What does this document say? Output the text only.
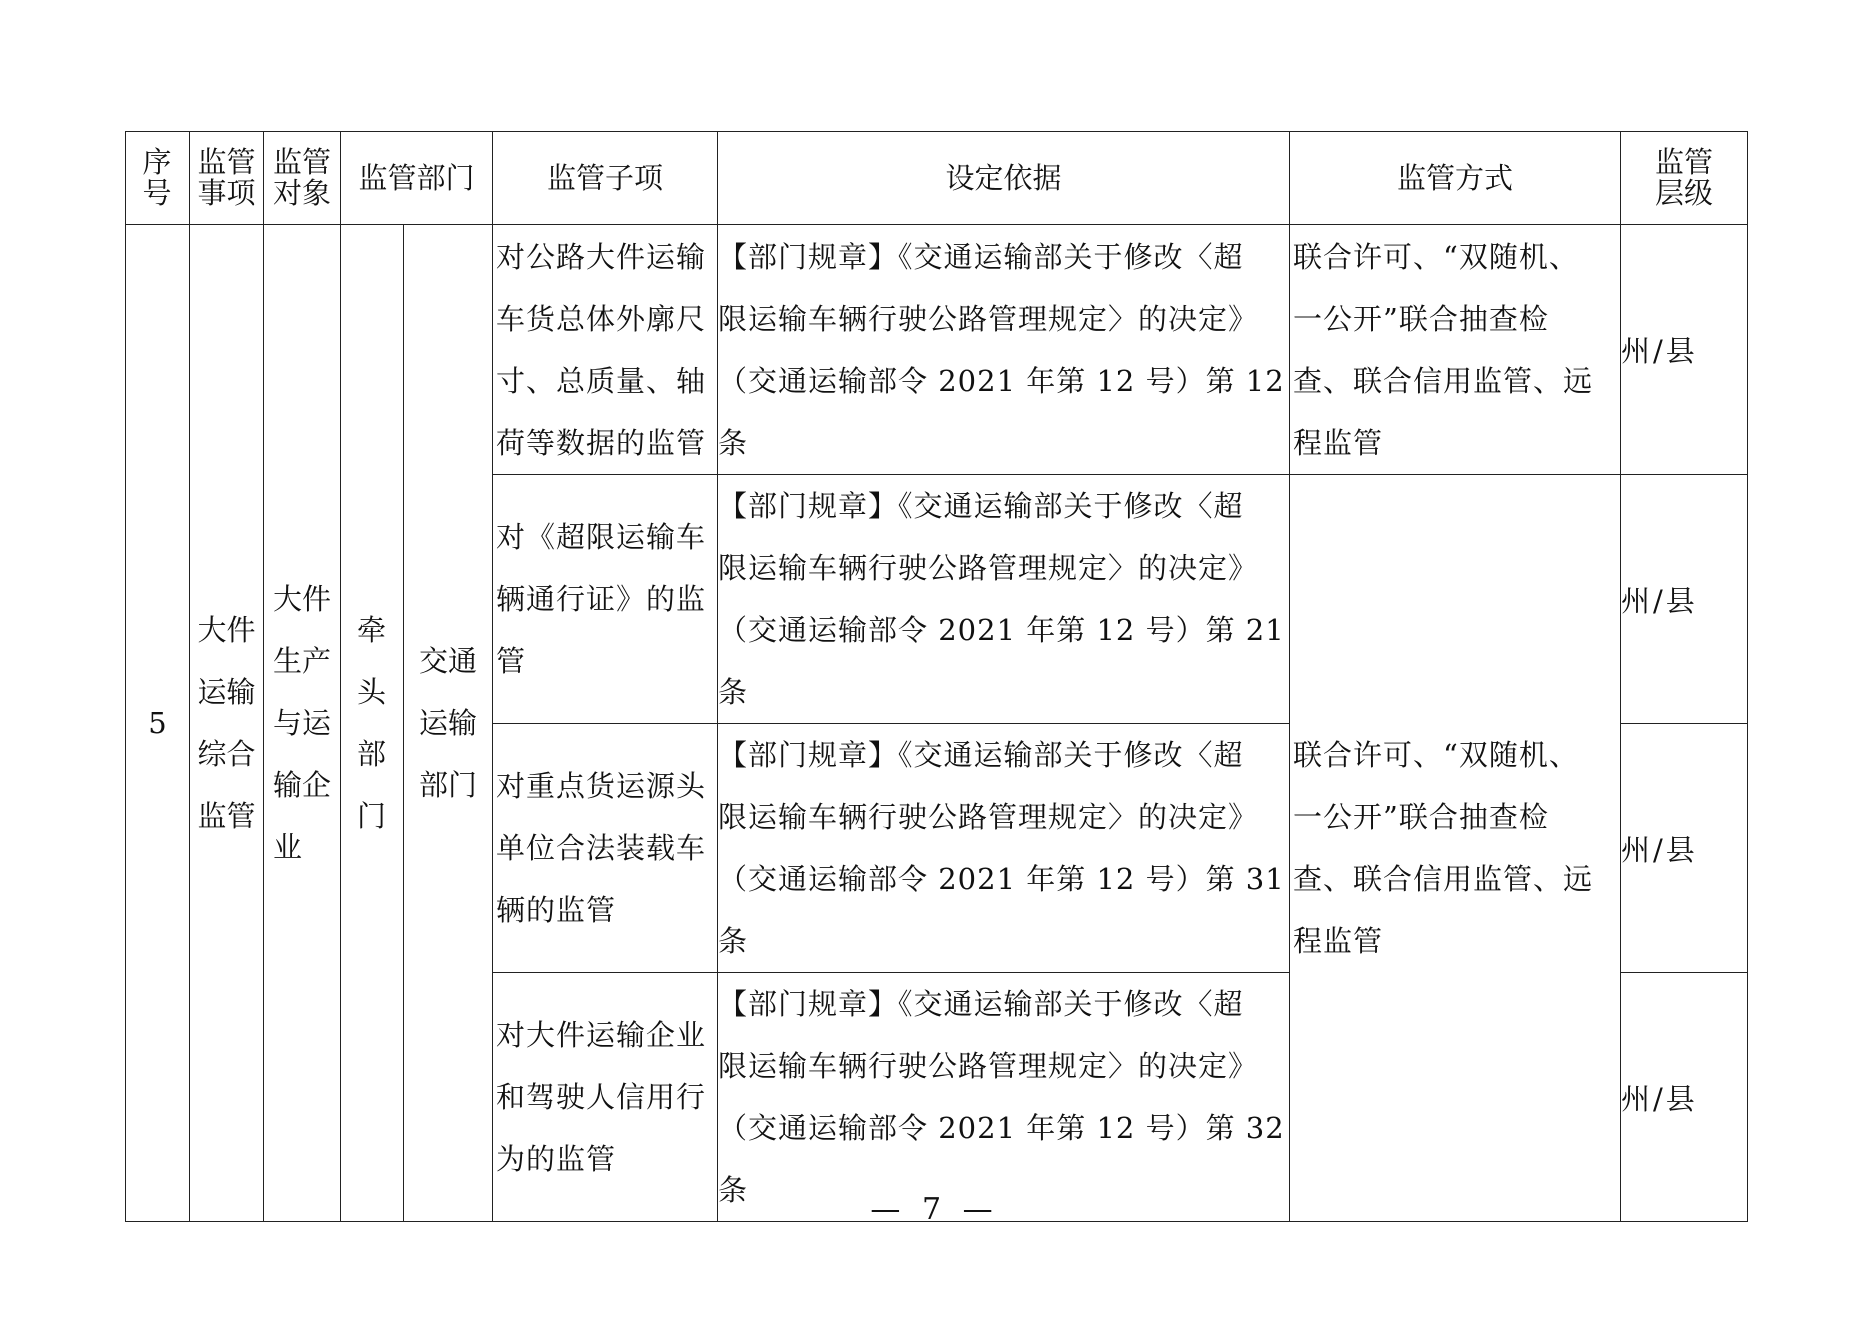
序号	监管事项	监管对象	监管部门		监管子项	设定依据	监管方式	监管层级

5	大件运输综合监管	大件生产与运输企业	牵头部门	交通运输部门	对公路大件运输
车货总体外廓尺
寸、总质量、轴
荷等数据的监管	【部门规章】《交通运输部关于修改〈超
限运输车辆行驶公路管理规定〉的决定》
（交通运输部令 2021 年第 12 号）第 12 条	联合许可、“双随机、
一公开”联合抽查检
查、联合信用监管、远
程监管	州/县

					对《超限运输车
辆通行证》的监
管	【部门规章】《交通运输部关于修改〈超
限运输车辆行驶公路管理规定〉的决定》
（交通运输部令 2021 年第 12 号）第 21 条	联合许可、“双随机、
一公开”联合抽查检
查、联合信用监管、远
程监管	州/县

					对重点货运源头
单位合法装载车
辆的监管	【部门规章】《交通运输部关于修改〈超
限运输车辆行驶公路管理规定〉的决定》
（交通运输部令 2021 年第 12 号）第 31 条		州/县

					对大件运输企业
和驾驶人信用行
为的监管	【部门规章】《交通运输部关于修改〈超
限运输车辆行驶公路管理规定〉的决定》
（交通运输部令 2021 年第 12 号）第 32 条		州/县
— 7 —
